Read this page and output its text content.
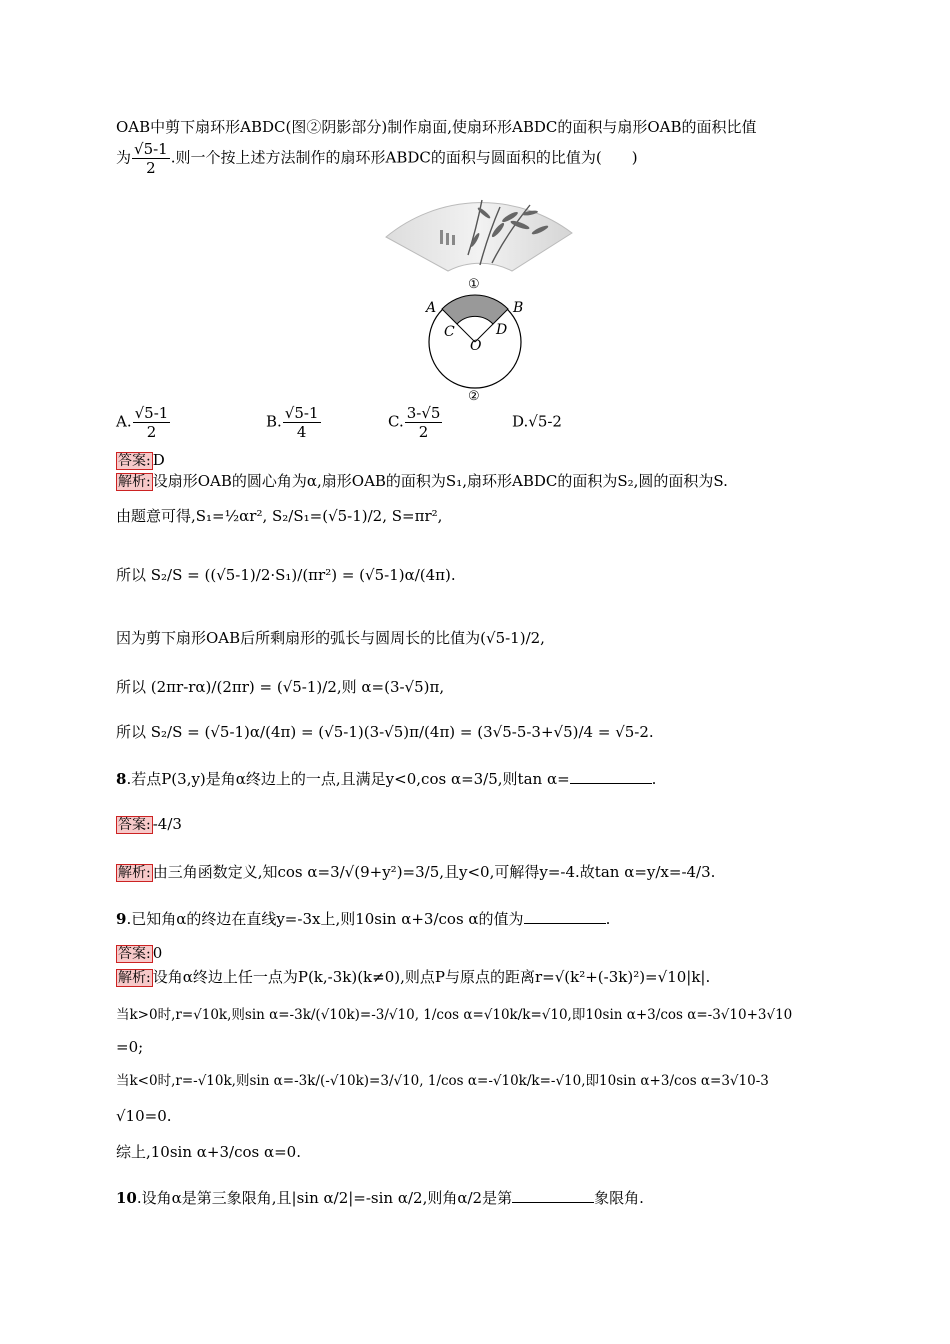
OAB中剪下扇环形ABDC(图②阴影部分)制作扇面,使扇环形ABDC的面积与扇形OAB的面积比值
为 $\frac{√5-1}{2}$ .则一个按上述方法制作的扇环形ABDC的面积与圆面积的比值为(　　)
①
②
A	B
C	D
O
A. $\frac{√5-1}{2}$	B. $\frac{√5-1}{4}$	C. $\frac{3-√5}{2}$	D.√5-2
答案: D
解析: 设扇形OAB的圆心角为α,扇形OAB的面积为S₁,扇环形ABDC的面积为S₂,圆的面积为S.
由题意可得,S₁=½αr², S₂/S₁=(√5-1)/2, S=πr²,
所以 S₂/S = ((√5-1)/2·S₁)/(πr²) = (√5-1)α/(4π).
因为剪下扇形OAB后所剩扇形的弧长与圆周长的比值为(√5-1)/2,
所以 (2πr-rα)/(2πr) = (√5-1)/2,则 α=(3-√5)π,
所以 S₂/S = (√5-1)α/(4π) = (√5-1)(3-√5)π/(4π) = (3√5-5-3+√5)/4 = √5-2.
8.若点P(3,y)是角α终边上的一点,且满足y<0,cos α=3/5,则tan α=	.
答案: -4/3
解析: 由三角函数定义,知cos α=3/√(9+y²)=3/5,且y<0,可解得y=-4.故tan α=y/x=-4/3.
9.已知角α的终边在直线y=-3x上,则10sin α+3/cos α的值为	.
答案: 0
解析: 设角α终边上任一点为P(k,-3k)(k≠0),则点P与原点的距离r=√(k²+(-3k)²)=√10|k|.
当k>0时,r=√10k,则sin α=-3k/(√10k)=-3/√10, 1/cos α=√10k/k=√10,即10sin α+3/cos α=-3√10+3√10
=0;
当k<0时,r=-√10k,则sin α=-3k/(-√10k)=3/√10, 1/cos α=-√10k/k=-√10,即10sin α+3/cos α=3√10-3
√10=0.
综上,10sin α+3/cos α=0.
10.设角α是第三象限角,且|sin α/2|=-sin α/2,则角α/2是第	象限角.
